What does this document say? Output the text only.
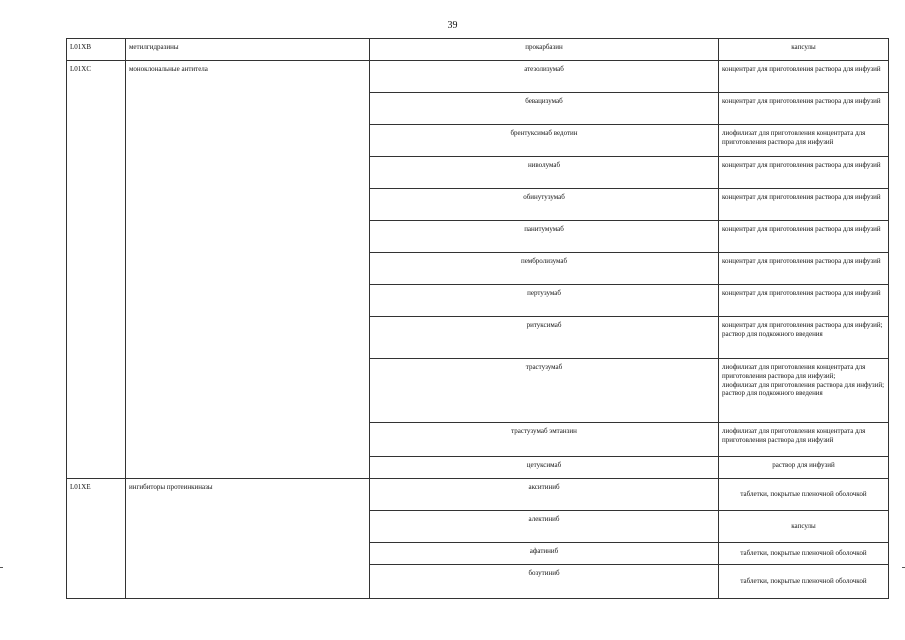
39
L01XB	метилгидразины	прокарбазин	капсулы
L01XC	моноклональные антитела	атезолизумаб	концентрат для приготовления раствора для инфузий
		бевацизумаб	концентрат для приготовления раствора для инфузий
		брентуксимаб ведотин	лиофилизат для приготовления концентрата для приготовления раствора для инфузий
		ниволумаб	концентрат для приготовления раствора для инфузий
		обинутузумаб	концентрат для приготовления раствора для инфузий
		панитумумаб	концентрат для приготовления раствора для инфузий
		пембролизумаб	концентрат для приготовления раствора для инфузий
		пертузумаб	концентрат для приготовления раствора для инфузий
		ритуксимаб	концентрат для приготовления раствора для инфузий;
раствор для подкожного введения
		трастузумаб	лиофилизат для приготовления концентрата для приготовления раствора для инфузий;
лиофилизат для приготовления раствора для инфузий;
раствор для подкожного введения
		трастузумаб эмтанзин	лиофилизат для приготовления концентрата для приготовления раствора для инфузий
		цетуксимаб	раствор для инфузий
L01XE	ингибиторы протеинкиназы	акситиниб	таблетки, покрытые пленочной оболочкой
		алектиниб	капсулы
		афатиниб	таблетки, покрытые пленочной оболочкой
		бозутиниб	таблетки, покрытые пленочной оболочкой
